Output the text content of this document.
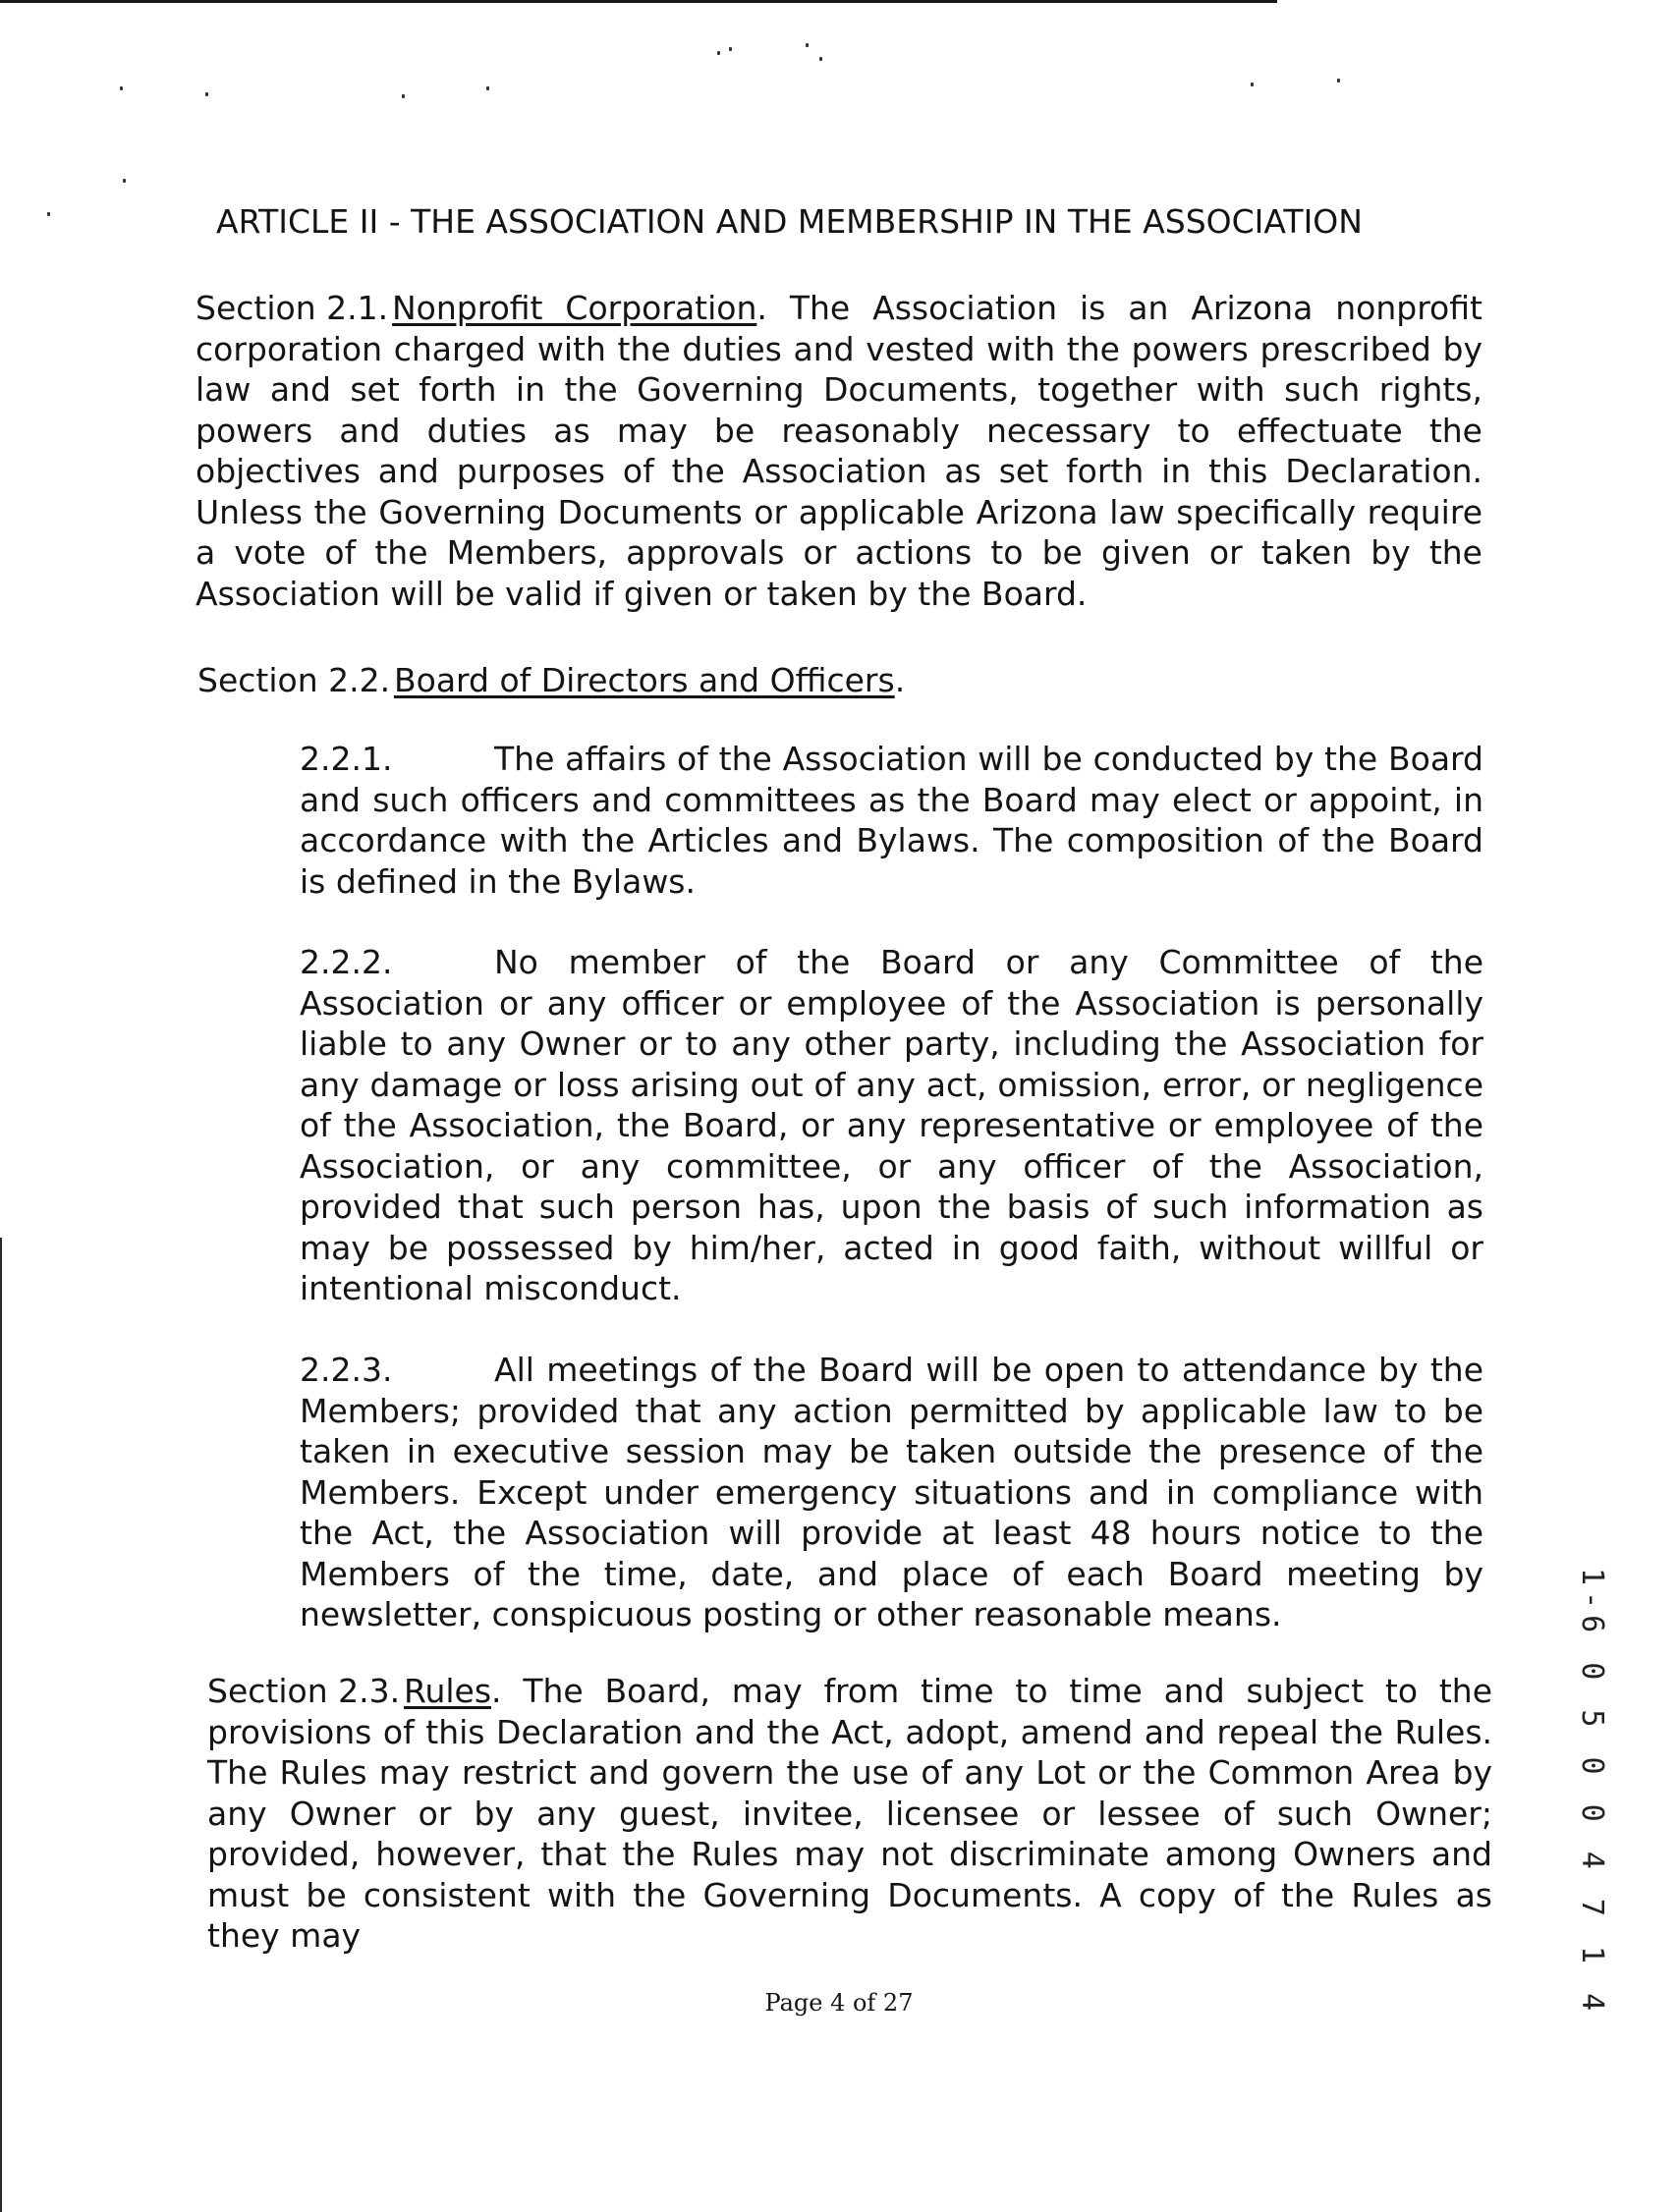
ARTICLE II - THE ASSOCIATION AND MEMBERSHIP IN THE ASSOCIATION
Section 2.1. Nonprofit Corporation. The Association is an Arizona nonprofit corporation charged with the duties and vested with the powers prescribed by law and set forth in the Governing Documents, together with such rights, powers and duties as may be reasonably necessary to effectuate the objectives and purposes of the Association as set forth in this Declaration. Unless the Governing Documents or applicable Arizona law specifically require a vote of the Members, approvals or actions to be given or taken by the Association will be valid if given or taken by the Board.
Section 2.2. Board of Directors and Officers.
2.2.1.	The affairs of the Association will be conducted by the Board and such officers and committees as the Board may elect or appoint, in accordance with the Articles and Bylaws. The composition of the Board is defined in the Bylaws.
2.2.2.	No member of the Board or any Committee of the Association or any officer or employee of the Association is personally liable to any Owner or to any other party, including the Association for any damage or loss arising out of any act, omission, error, or negligence of the Association, the Board, or any representative or employee of the Association, or any committee, or any officer of the Association, provided that such person has, upon the basis of such information as may be possessed by him/her, acted in good faith, without willful or intentional misconduct.
2.2.3.	All meetings of the Board will be open to attendance by the Members; provided that any action permitted by applicable law to be taken in executive session may be taken outside the presence of the Members. Except under emergency situations and in compliance with the Act, the Association will provide at least 48 hours notice to the Members of the time, date, and place of each Board meeting by newsletter, conspicuous posting or other reasonable means.
Section 2.3. Rules. The Board, may from time to time and subject to the provisions of this Declaration and the Act, adopt, amend and repeal the Rules. The Rules may restrict and govern the use of any Lot or the Common Area by any Owner or by any guest, invitee, licensee or lessee of such Owner; provided, however, that the Rules may not discriminate among Owners and must be consistent with the Governing Documents. A copy of the Rules as they may
Page 4 of 27	1-6 0 5 0 0 4 7 1 4
